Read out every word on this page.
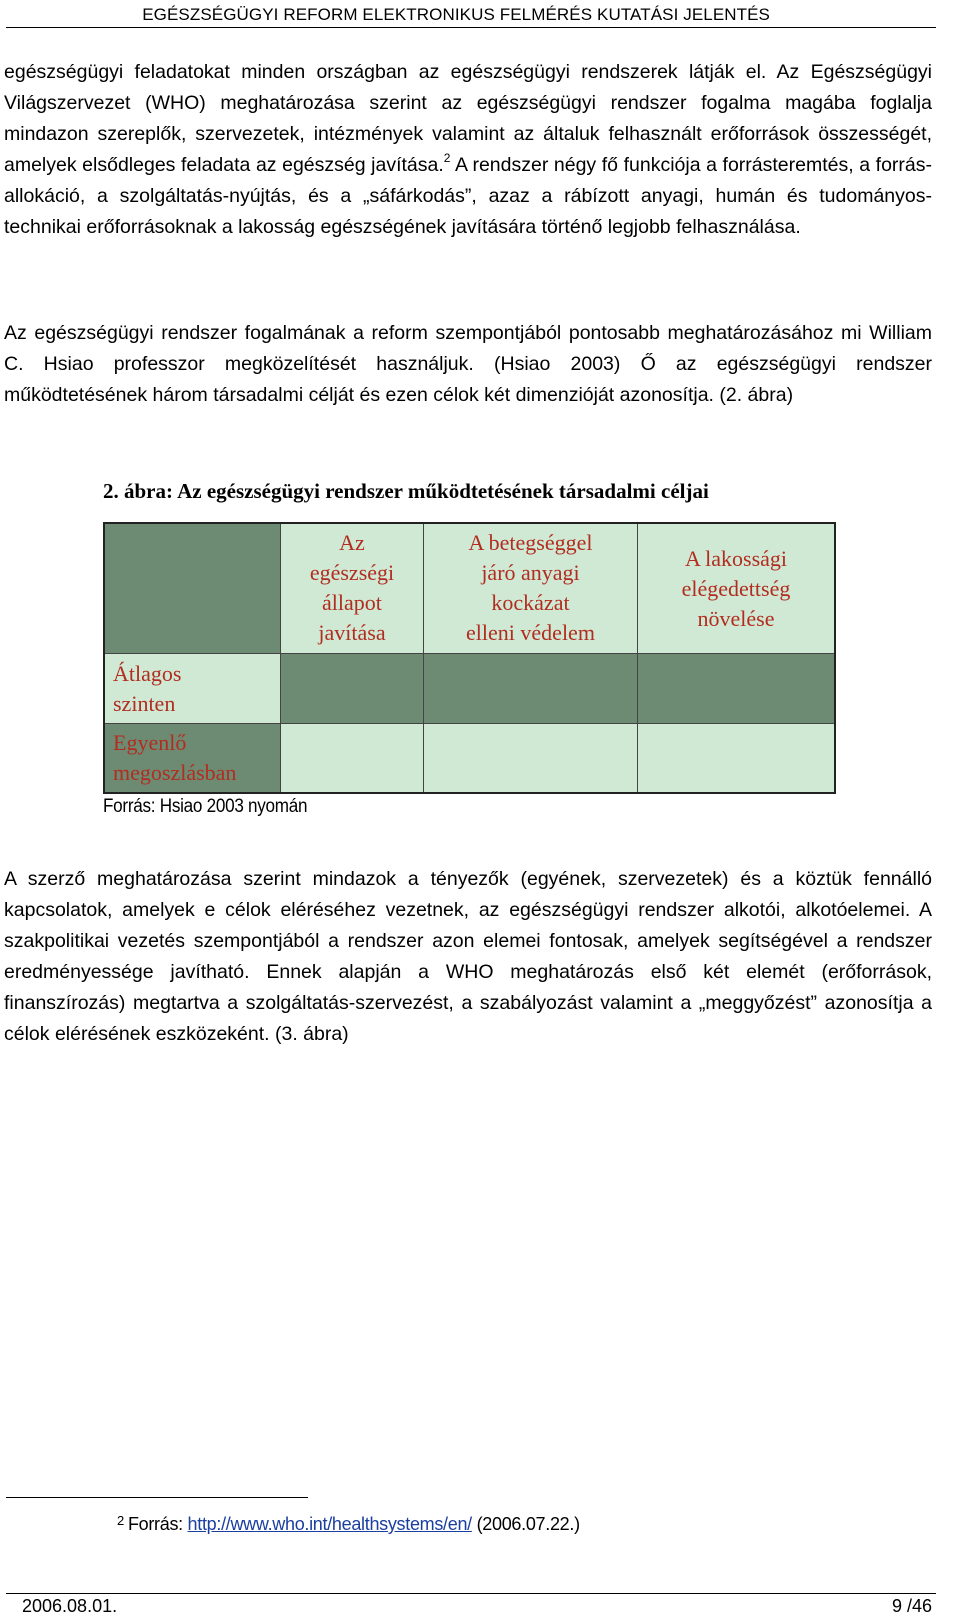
EGÉSZSÉGÜGYI REFORM ELEKTRONIKUS FELMÉRÉS KUTATÁSI JELENTÉS

egészségügyi feladatokat minden országban az egészségügyi rendszerek látják el. Az Egészségügyi Világszervezet (WHO) meghatározása szerint az egészségügyi rendszer fogalma magába foglalja mindazon szereplők, szervezetek, intézmények valamint az általuk felhasznált erőforrások összességét, amelyek elsődleges feladata az egészség javítása.$^2$ A rendszer négy fő funkciója a forrásteremtés, a forrás-allokáció, a szolgáltatás-nyújtás, és a „sáfárkodás”, azaz a rábízott anyagi, humán és tudományos-technikai erőforrásoknak a lakosság egészségének javítására történő legjobb felhasználása.

Az egészségügyi rendszer fogalmának a reform szempontjából pontosabb meghatározásához mi William C. Hsiao professzor megközelítését használjuk. (Hsiao 2003) Ő az egészségügyi rendszer működtetésének három társadalmi célját és ezen célok két dimenzióját azonosítja. (2. ábra)

2. ábra: Az egészségügyi rendszer működtetésének társadalmi céljai
Az
egészségi
állapot
javítása
A betegséggel
járó anyagi
kockázat
elleni védelem
A lakossági
elégedettség
növelése
Átlagos
szinten
Egyenlő
megoszlásban
Forrás: Hsiao 2003 nyomán

A szerző meghatározása szerint mindazok a tényezők (egyének, szervezetek) és a köztük fennálló kapcsolatok, amelyek e célok eléréséhez vezetnek, az egészségügyi rendszer alkotói, alkotóelemei. A szakpolitikai vezetés szempontjából a rendszer azon elemei fontosak, amelyek segítségével a rendszer eredményessége javítható. Ennek alapján a WHO meghatározás első két elemét (erőforrások, finanszírozás) megtartva a szolgáltatás-szervezést, a szabályozást valamint a „meggyőzést” azonosítja a célok elérésének eszközeként. (3. ábra)

$^2$ Forrás: http://www.who.int/healthsystems/en/ (2006.07.22.)
2006.08.01.	9 /46
